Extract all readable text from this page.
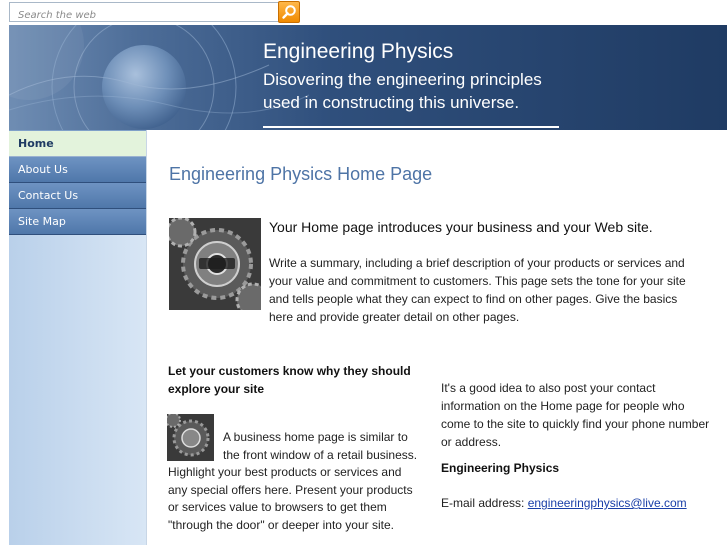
Search the web
Engineering Physics
Disovering the engineering principles used in constructing this universe.
Home
About Us
Contact Us
Site Map
Engineering Physics Home Page
Your Home page introduces your business and your Web site.
Write a summary, including a brief description of your products or services and your value and commitment to customers. This page sets the tone for your site and tells people what they can expect to find on other pages. Give the basics here and provide greater detail on other pages.
Let your customers know why they should explore your site
A business home page is similar to the front window of a retail business. Highlight your best products or services and any special offers here. Present your products or services value to browsers to get them "through the door" or deeper into your site.
It's a good idea to also post your contact information on the Home page for people who come to the site to quickly find your phone number or address.
Engineering Physics
E-mail address: engineeringphysics@live.com
